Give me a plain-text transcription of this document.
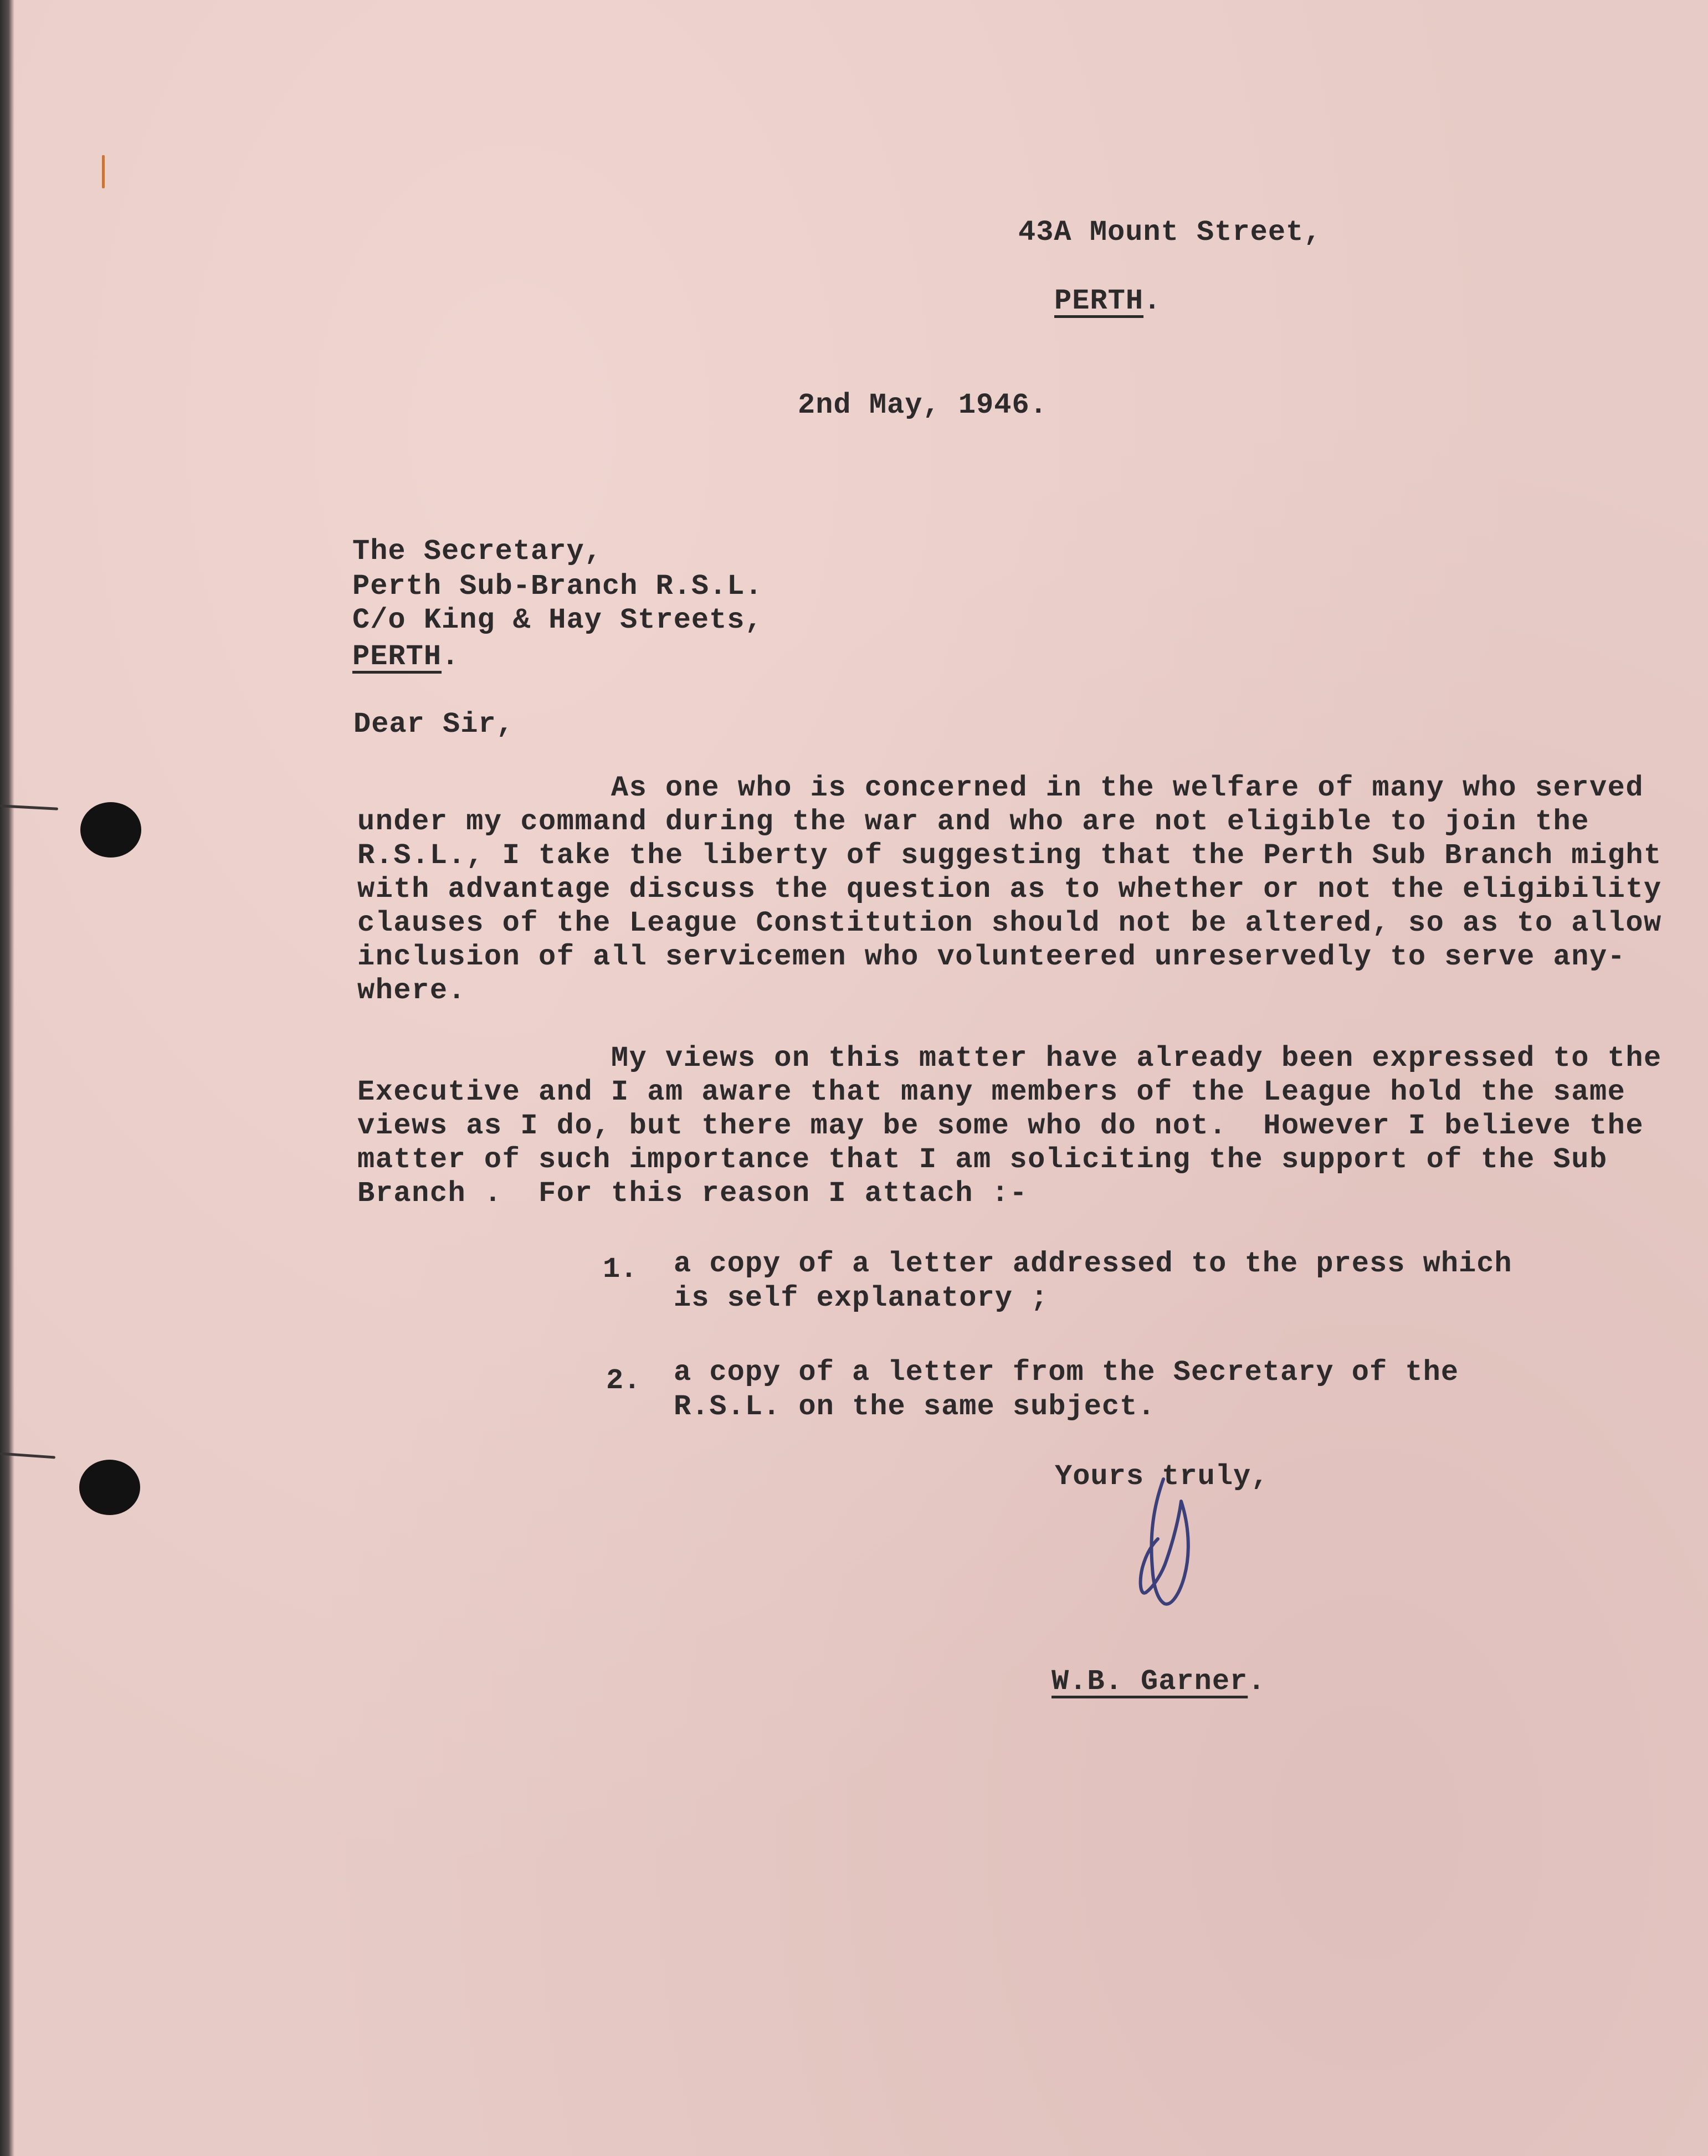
43A Mount Street,
PERTH.
2nd May, 1946.
The Secretary,
Perth Sub-Branch R.S.L.
C/o King & Hay Streets,
PERTH.
Dear Sir,
As one who is concerned in the welfare of many who served
under my command during the war and who are not eligible to join the
R.S.L., I take the liberty of suggesting that the Perth Sub Branch might
with advantage discuss the question as to whether or not the eligibility
clauses of the League Constitution should not be altered, so as to allow
inclusion of all servicemen who volunteered unreservedly to serve any-
where.
My views on this matter have already been expressed to the
Executive and I am aware that many members of the League hold the same
views as I do, but there may be some who do not.  However I believe the
matter of such importance that I am soliciting the support of the Sub
Branch .  For this reason I attach :-
1. a copy of a letter addressed to the press which
is self explanatory ;
2. a copy of a letter from the Secretary of the
R.S.L. on the same subject.
Yours truly,
W.B. Garner.
